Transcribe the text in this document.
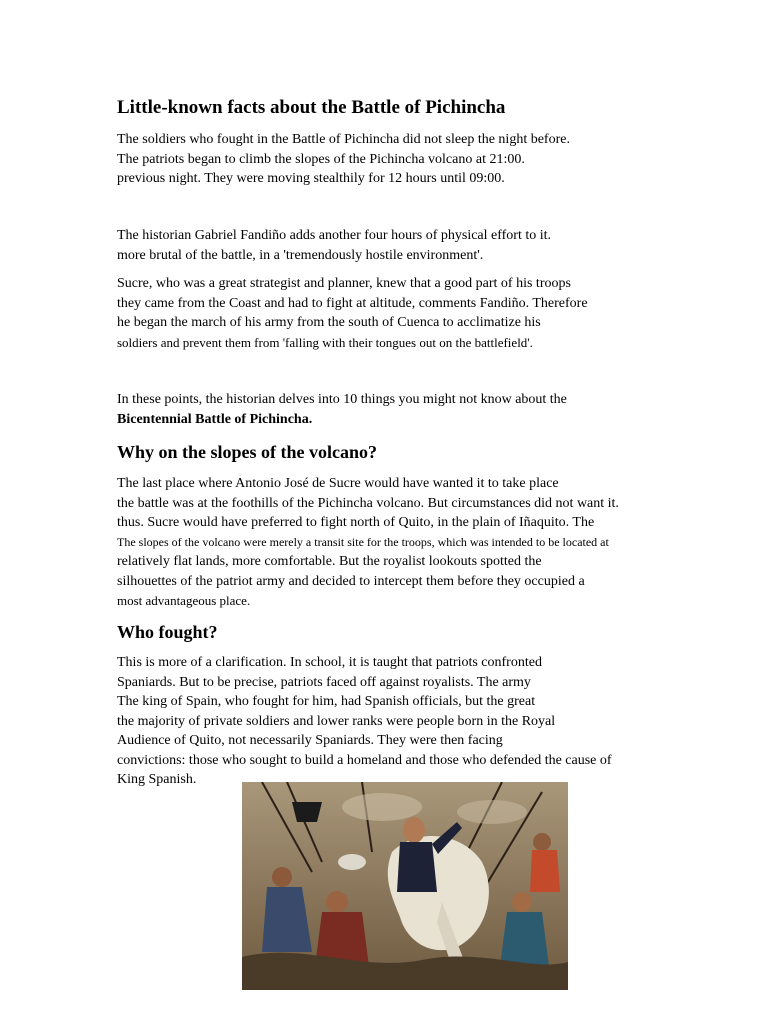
Little-known facts about the Battle of Pichincha
The soldiers who fought in the Battle of Pichincha did not sleep the night before.
The patriots began to climb the slopes of the Pichincha volcano at 21:00.
previous night. They were moving stealthily for 12 hours until 09:00.
The historian Gabriel Fandiño adds another four hours of physical effort to it.
more brutal of the battle, in a 'tremendously hostile environment'.
Sucre, who was a great strategist and planner, knew that a good part of his troops
they came from the Coast and had to fight at altitude, comments Fandiño. Therefore
he began the march of his army from the south of Cuenca to acclimatize his
soldiers and prevent them from 'falling with their tongues out on the battlefield'.
In these points, the historian delves into 10 things you might not know about the
Bicentennial Battle of Pichincha.
Why on the slopes of the volcano?
The last place where Antonio José de Sucre would have wanted it to take place
the battle was at the foothills of the Pichincha volcano. But circumstances did not want it.
thus. Sucre would have preferred to fight north of Quito, in the plain of Iñaquito. The
The slopes of the volcano were merely a transit site for the troops, which was intended to be located at
relatively flat lands, more comfortable. But the royalist lookouts spotted the
silhouettes of the patriot army and decided to intercept them before they occupied a
most advantageous place.
Who fought?
This is more of a clarification. In school, it is taught that patriots confronted
Spaniards. But to be precise, patriots faced off against royalists. The army
The king of Spain, who fought for him, had Spanish officials, but the great
the majority of private soldiers and lower ranks were people born in the Royal
Audience of Quito, not necessarily Spaniards. They were then facing
convictions: those who sought to build a homeland and those who defended the cause of
King Spanish.
